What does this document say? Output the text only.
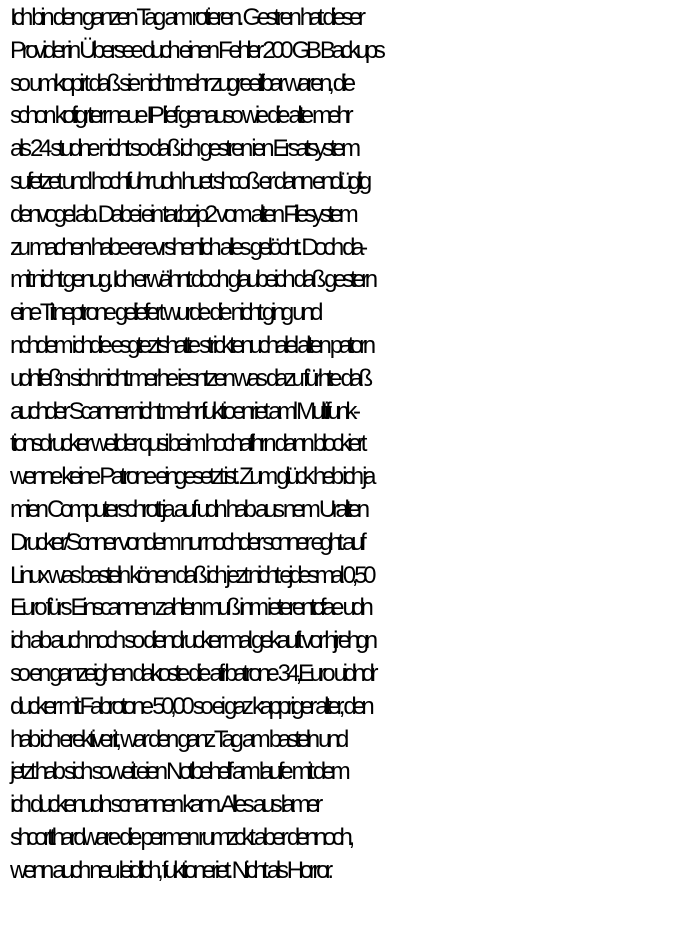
Ich bin den ganzen Tag am rotieren. Gestren hat dieser
Provider in Übersee duch einen Fehler 200 GB Backups
so umkopirt daß sie nicht mehr zugreeifbar waren, die
schon kofigrterr neue IP lief genauso wie die alte mehr
als 24 studne nicht so daß ich gestren ien Ersatsystem
sufetzet und hochfuhr udn huet shcoß er dann endüglig
denvogel ab. Dabei ein tar.bzip2 vom alten Filesystem
zu machen habe er evrshenlich alles gelöcht. Doch da-
mit nicht genug. Ich erwähnt doch glaubeich daß gestern
eine Titneptrone geliefert wurde die nicht ging und
nchdem ichdie esgteztshatte stricktenuchalel alten patorn
udnließn sich nicht merhe iesntzen was dazu fürhte daß
auchder Scanner nicht mehr fuktioenriet aml Multifunk-
tionsdrucker weilder qusi beim hochafhrn dann blockiert
wenne keine Patrone eingesetzt ist. Zum glück heb ich ja
mien Computerschrott ja auf udn hab aus nem Uralten
Drucker/Scnner vondem nur nochder scnner eght auf
Linux was basteln könen daß ich jezt nicht ejdesmal 0,50
Euro fürs Einscannen zahlen muß inm ieterentcfae udn
ich ab auch noch so diendrucker mal gekauft vor hjrehgn
so en ganzeighen dakoste die afrbatrone 34,Euro uidndr
ducker mit Fabrotone 50,00 so ei gaz kappriger alter, den
hab ich erektiverit, war den ganz Tag am basteln und
jetzt hab sich soweit eien Notbehelf am laufe mit dem
ich duckenudn scnannen kann. Alles aus lamer
shcortthardware die permen rumzckt aber dennoch,
wenn auch neu leidlich, fuktioneriet. Nicht als Horror.
